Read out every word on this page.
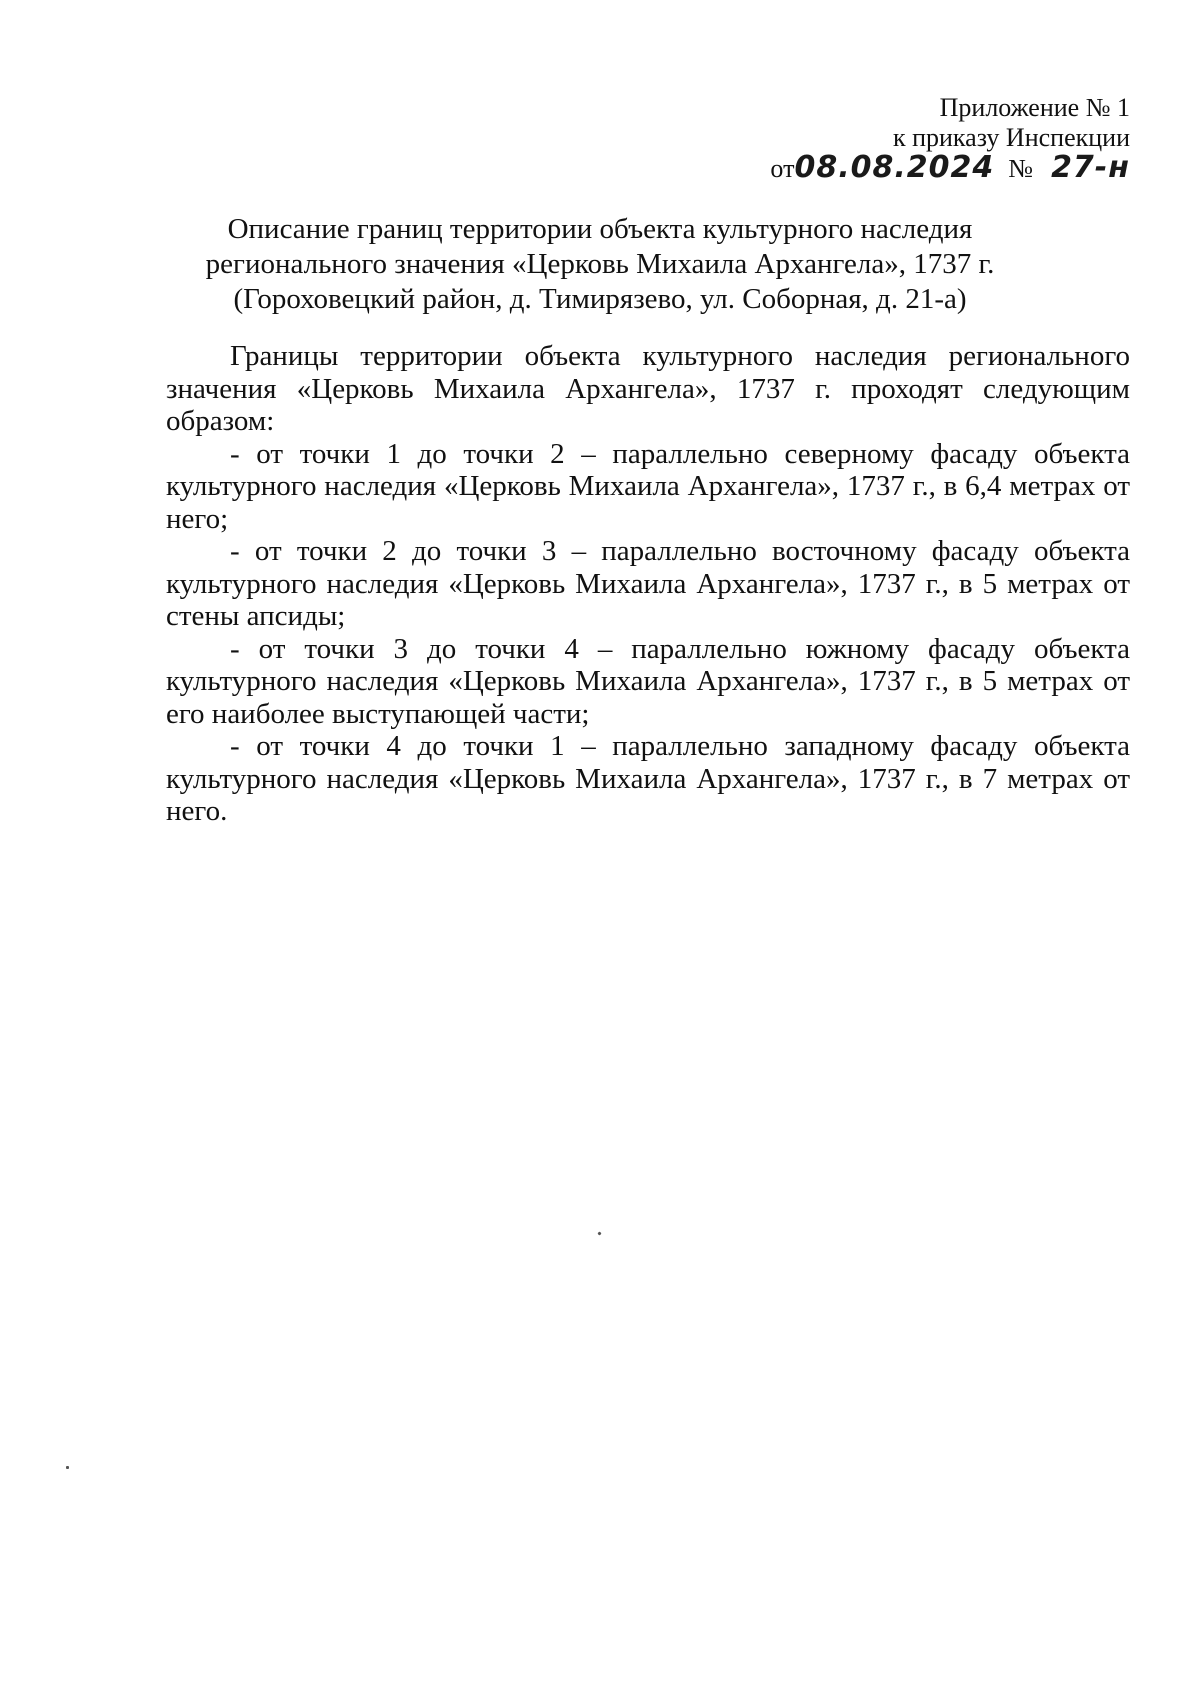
Приложение № 1
к приказу Инспекции
от08.08.2024 № 27-н
Описание границ территории объекта культурного наследия
регионального значения «Церковь Михаила Архангела», 1737 г.
(Гороховецкий район, д. Тимирязево, ул. Соборная, д. 21-а)

Границы территории объекта культурного наследия регионального значения «Церковь Михаила Архангела», 1737 г. проходят следующим образом:

- от точки 1 до точки 2 – параллельно северному фасаду объекта культурного наследия «Церковь Михаила Архангела», 1737 г., в 6,4 метрах от него;

- от точки 2 до точки 3 – параллельно восточному фасаду объекта культурного наследия «Церковь Михаила Архангела», 1737 г., в 5 метрах от стены апсиды;

- от точки 3 до точки 4 – параллельно южному фасаду объекта культурного наследия «Церковь Михаила Архангела», 1737 г., в 5 метрах от его наиболее выступающей части;

- от точки 4 до точки 1 – параллельно западному фасаду объекта культурного наследия «Церковь Михаила Архангела», 1737 г., в 7 метрах от него.
